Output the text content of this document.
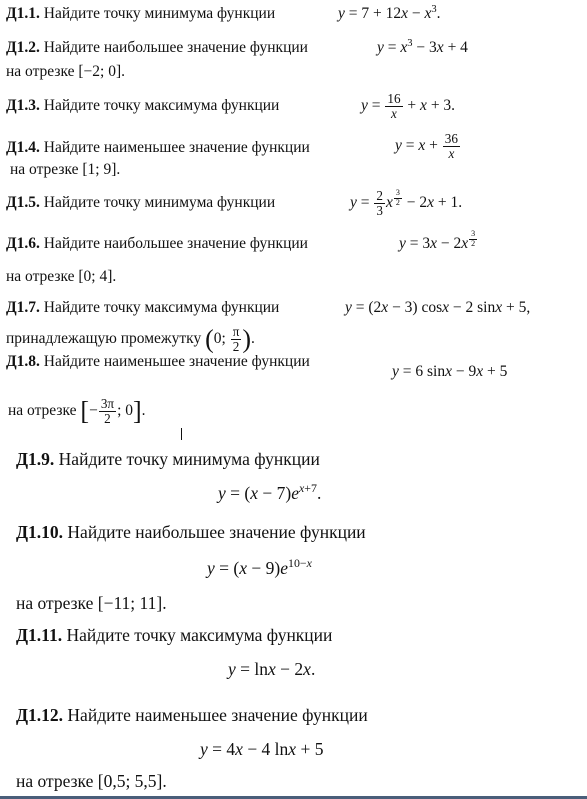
Д1.1. Найдите точку минимума функции	$y = 7 + 12x - x^3$.
Д1.2. Найдите наибольшее значение функции	$y = x^3 - 3x + 4$
на отрезке [−2; 0].
Д1.3. Найдите точку максимума функции	$y = \frac{16}{x} + x + 3$.
Д1.4. Найдите наименьшее значение функции	$y = x + \frac{36}{x}$
на отрезке [1; 9].
Д1.5. Найдите точку минимума функции	$y = \frac{2}{3}$ x $^{\frac{3}{2}}$ − 2x + 1.
Д1.6. Найдите наибольшее значение функции	y = 3x − 2x $^{\frac{3}{2}}$
на отрезке [0; 4].
Д1.7. Найдите точку максимума функции	y = (2x − 3) cosx − 2 sinx + 5,
принадлежащую промежутку (0; $\frac{\pi}{2}$ ).
Д1.8. Найдите наименьшее значение функции
y = 6 sinx − 9x + 5
на отрезке [− $\frac{3\pi}{2}$ ; 0].
Д1.9. Найдите точку минимума функции
$y = (x - 7)e^{x+7}$.
Д1.10. Найдите наибольшее значение функции
$y = (x - 9)e^{10-x}$
на отрезке [−11; 11].
Д1.11. Найдите точку максимума функции
y = lnx − 2x.
Д1.12. Найдите наименьшее значение функции
y = 4x − 4 lnx + 5
на отрезке [0,5; 5,5].
